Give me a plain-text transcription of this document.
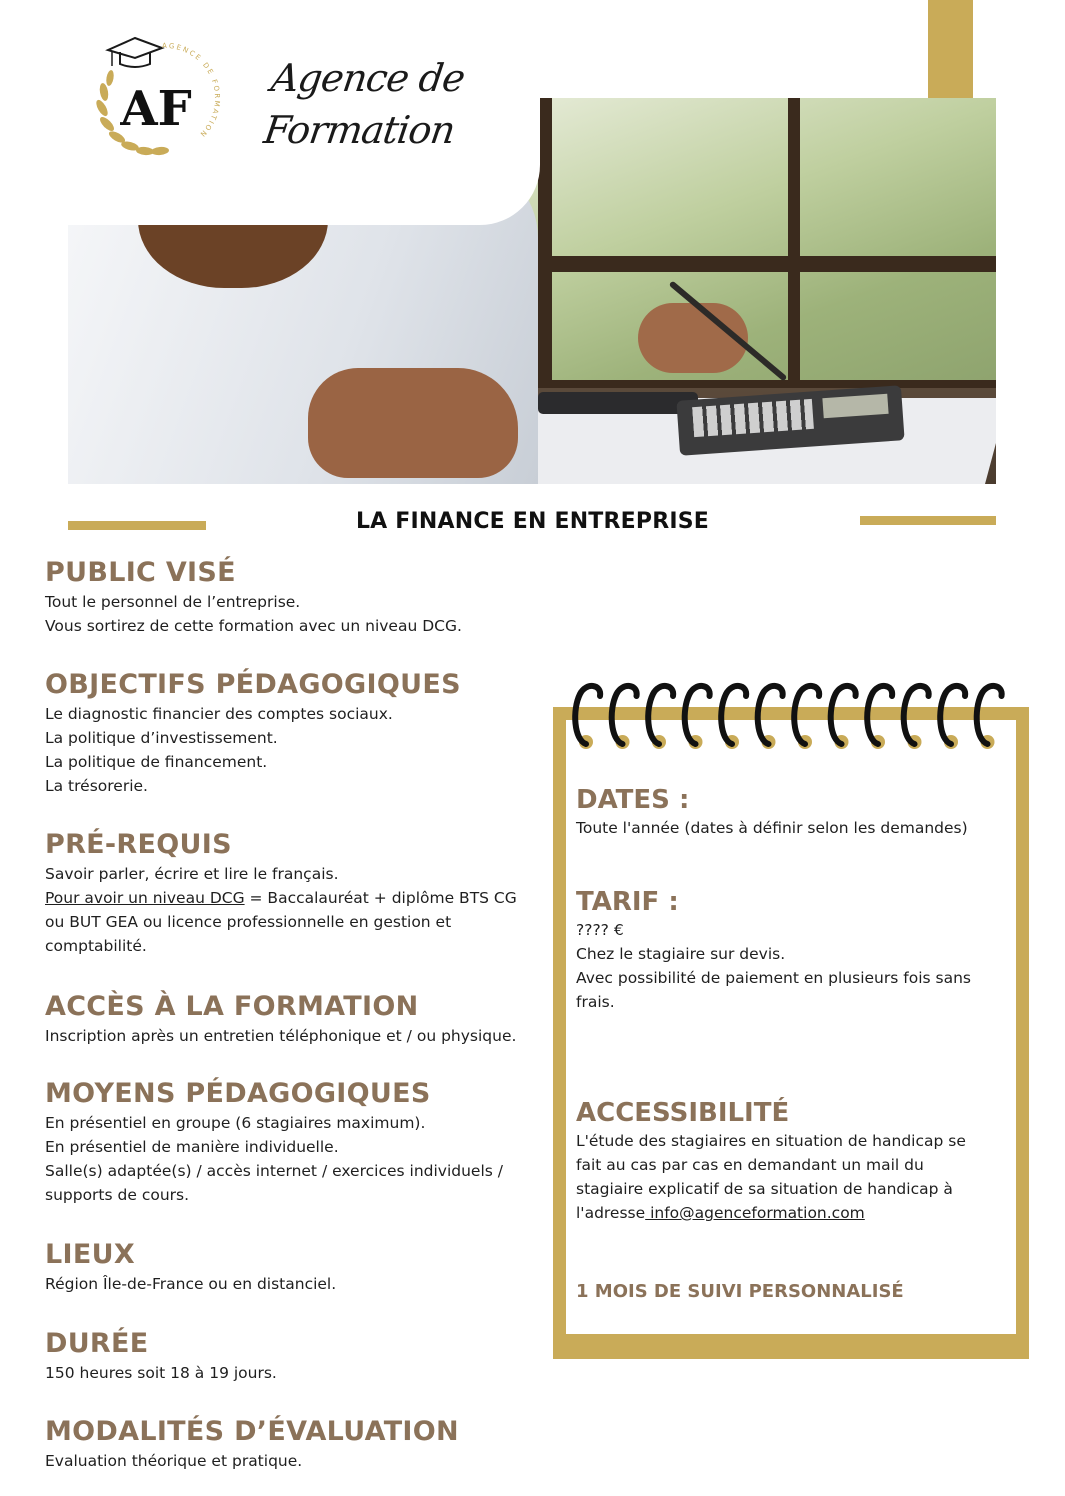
AF
AGENCE DE FORMATION
Agence de
Formation
LA FINANCE EN ENTREPRISE
PUBLIC VISÉ

Tout le personnel de l’entreprise.

Vous sortirez de cette formation avec un niveau DCG.

OBJECTIFS PÉDAGOGIQUES

Le diagnostic financier des comptes sociaux.

La politique d’investissement.

La politique de financement.

La trésorerie.

PRÉ-REQUIS

Savoir parler, écrire et lire le français.

Pour avoir un niveau DCG = Baccalauréat + diplôme BTS CG

ou BUT GEA ou licence professionnelle en gestion et

comptabilité.

ACCÈS À LA FORMATION

Inscription après un entretien téléphonique et / ou physique.

MOYENS PÉDAGOGIQUES

En présentiel en groupe (6 stagiaires maximum).

En présentiel de manière individuelle.

Salle(s) adaptée(s) / accès internet / exercices individuels /

supports de cours.

LIEUX

Région Île-de-France ou en distanciel.

DURÉE

150 heures soit 18 à 19 jours.

MODALITÉS D’ÉVALUATION

Evaluation théorique et pratique.

DATES :

Toute l'année (dates à définir selon les demandes)

TARIF :

???? €

Chez le stagiaire sur devis.

Avec possibilité de paiement en plusieurs fois sans

frais.

ACCESSIBILITÉ

L'étude des stagiaires en situation de handicap se

fait au cas par cas en demandant un mail du

stagiaire explicatif de sa situation de handicap à

l'adresse info@agenceformation.com

1 MOIS DE SUIVI PERSONNALISÉ
